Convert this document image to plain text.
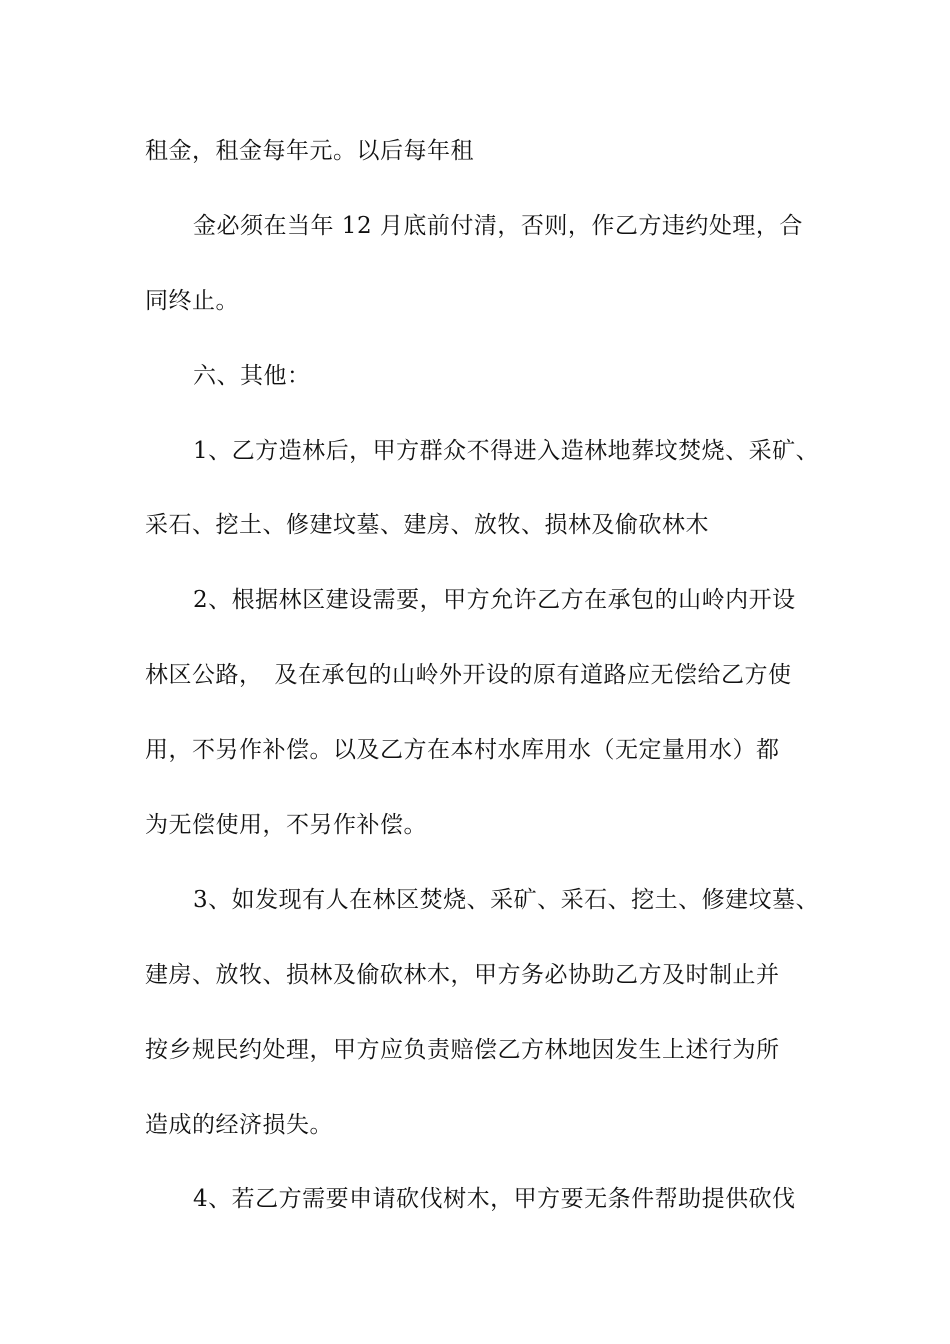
租金，租金每年元。以后每年租
金必须在当年 12 月底前付清，否则，作乙方违约处理，合
同终止。
六、其他：
1、乙方造林后，甲方群众不得进入造林地葬坟焚烧、采矿、
采石、挖土、修建坟墓、建房、放牧、损林及偷砍林木
2、根据林区建设需要，甲方允许乙方在承包的山岭内开设
林区公路，　及在承包的山岭外开设的原有道路应无偿给乙方使
用，不另作补偿。以及乙方在本村水库用水（无定量用水）都
为无偿使用，不另作补偿。
3、如发现有人在林区焚烧、采矿、采石、挖土、修建坟墓、
建房、放牧、损林及偷砍林木，甲方务必协助乙方及时制止并
按乡规民约处理，甲方应负责赔偿乙方林地因发生上述行为所
造成的经济损失。
4、若乙方需要申请砍伐树木，甲方要无条件帮助提供砍伐
